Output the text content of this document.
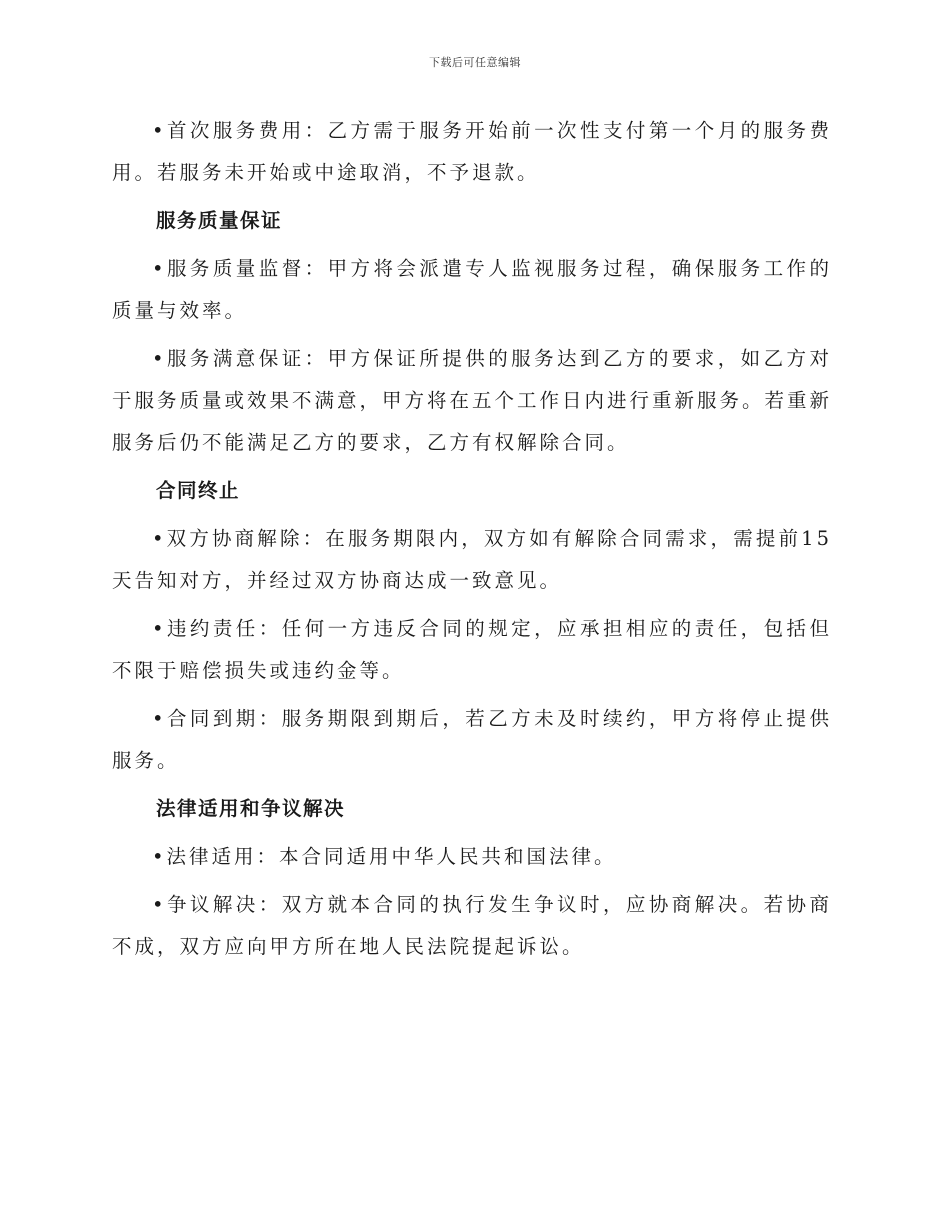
下载后可任意编辑

•首次服务费用：乙方需于服务开始前一次性支付第一个月的服务费用。若服务未开始或中途取消，不予退款。

服务质量保证

•服务质量监督：甲方将会派遣专人监视服务过程，确保服务工作的质量与效率。

•服务满意保证：甲方保证所提供的服务达到乙方的要求，如乙方对于服务质量或效果不满意，甲方将在五个工作日内进行重新服务。若重新服务后仍不能满足乙方的要求，乙方有权解除合同。

合同终止

•双方协商解除：在服务期限内，双方如有解除合同需求，需提前15天告知对方，并经过双方协商达成一致意见。

•违约责任：任何一方违反合同的规定，应承担相应的责任，包括但不限于赔偿损失或违约金等。

•合同到期：服务期限到期后，若乙方未及时续约，甲方将停止提供服务。

法律适用和争议解决

•法律适用：本合同适用中华人民共和国法律。

•争议解决：双方就本合同的执行发生争议时，应协商解决。若协商不成，双方应向甲方所在地人民法院提起诉讼。
